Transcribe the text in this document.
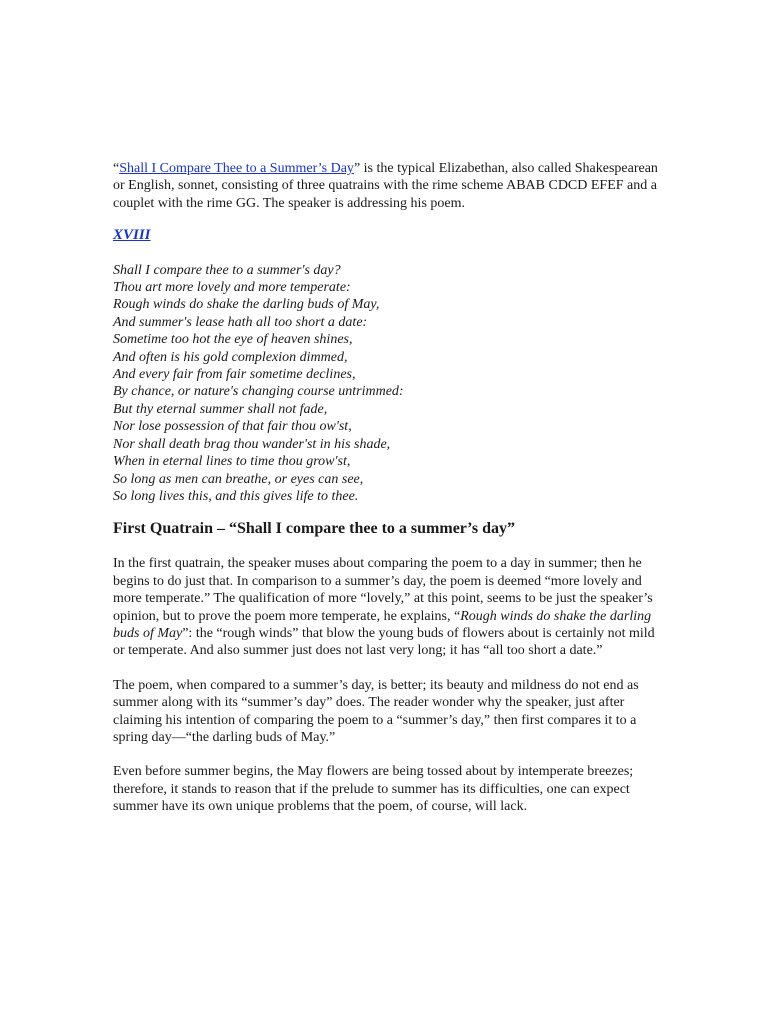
“Shall I Compare Thee to a Summer’s Day” is the typical Elizabethan, also called Shakespearean or English, sonnet, consisting of three quatrains with the rime scheme ABAB CDCD EFEF and a couplet with the rime GG. The speaker is addressing his poem.

XVIII

Shall I compare thee to a summer's day?
Thou art more lovely and more temperate:
Rough winds do shake the darling buds of May,
And summer's lease hath all too short a date:
Sometime too hot the eye of heaven shines,
And often is his gold complexion dimmed,
And every fair from fair sometime declines,
By chance, or nature's changing course untrimmed:
But thy eternal summer shall not fade,
Nor lose possession of that fair thou ow'st,
Nor shall death brag thou wander'st in his shade,
When in eternal lines to time thou grow'st,
So long as men can breathe, or eyes can see,
So long lives this, and this gives life to thee.

First Quatrain – “Shall I compare thee to a summer’s day”

In the first quatrain, the speaker muses about comparing the poem to a day in summer; then he begins to do just that. In comparison to a summer’s day, the poem is deemed “more lovely and more temperate.” The qualification of more “lovely,” at this point, seems to be just the speaker’s opinion, but to prove the poem more temperate, he explains, “Rough winds do shake the darling buds of May”: the “rough winds” that blow the young buds of flowers about is certainly not mild or temperate. And also summer just does not last very long; it has “all too short a date.”

The poem, when compared to a summer’s day, is better; its beauty and mildness do not end as summer along with its “summer’s day” does. The reader wonder why the speaker, just after claiming his intention of comparing the poem to a “summer’s day,” then first compares it to a spring day—“the darling buds of May.”

Even before summer begins, the May flowers are being tossed about by intemperate breezes; therefore, it stands to reason that if the prelude to summer has its difficulties, one can expect summer have its own unique problems that the poem, of course, will lack.
